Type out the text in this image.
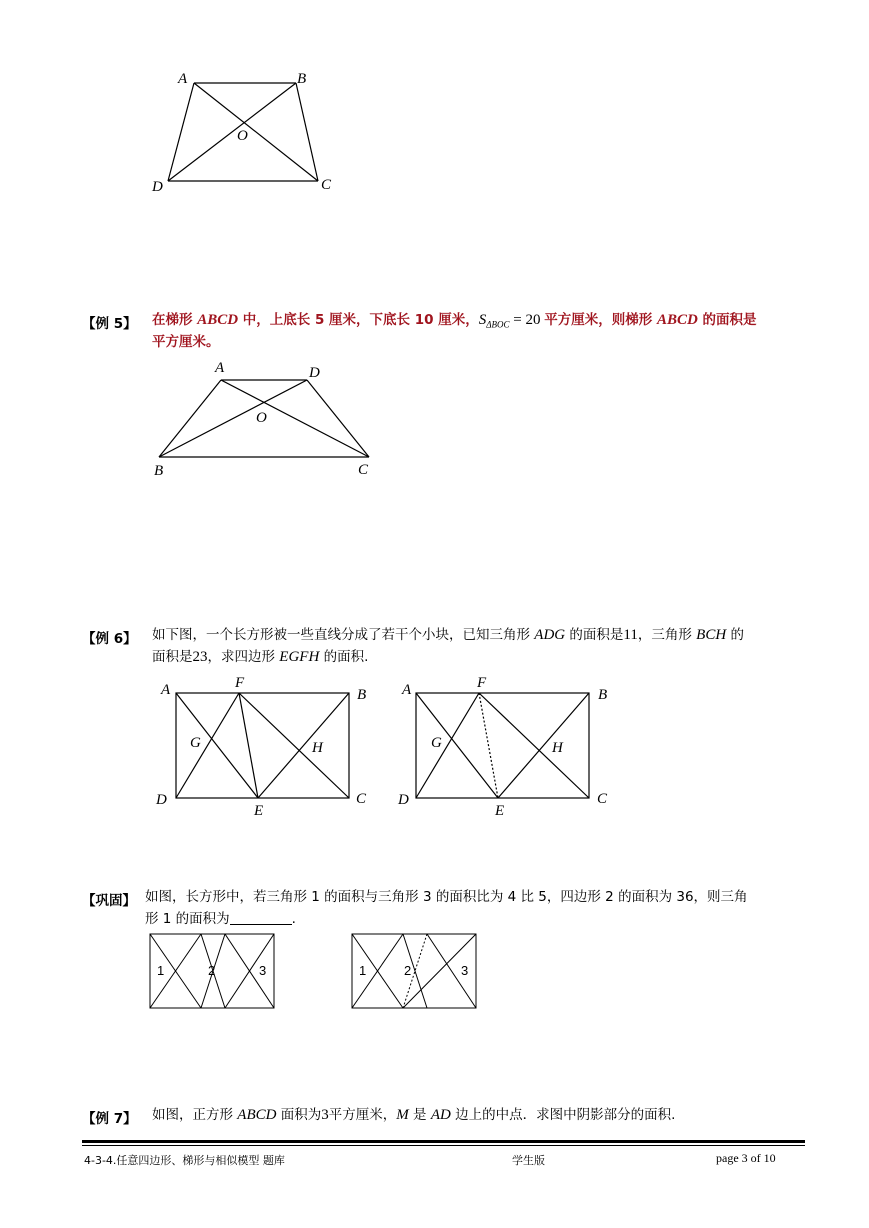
A	B
O
D	C
【例 5】 在梯形 ABCD 中，上底长 5 厘米，下底长 10 厘米，$S_{\Delta BOC} = 20$ 平方厘米，则梯形 ABCD 的面积是
平方厘米。
A	D
O
B	C
【例 6】 如下图，一个长方形被一些直线分成了若干个小块，已知三角形 ADG 的面积是11，三角形 BCH 的
面积是23，求四边形 EGFH 的面积.
A	F
B
G	H
D	C
E
A	F
B
G	H
D	C
E
【巩固】 如图，长方形中，若三角形 1 的面积与三角形 3 的面积比为 4 比 5，四边形 2 的面积为 36，则三角
形 1 的面积为	.
1	2	3	1	2	3
【例 7】 如图，正方形 ABCD 面积为3平方厘米，M 是 AD 边上的中点．求图中阴影部分的面积.
4-3-4.任意四边形、梯形与相似模型 题库	学生版	page 3 of 10
